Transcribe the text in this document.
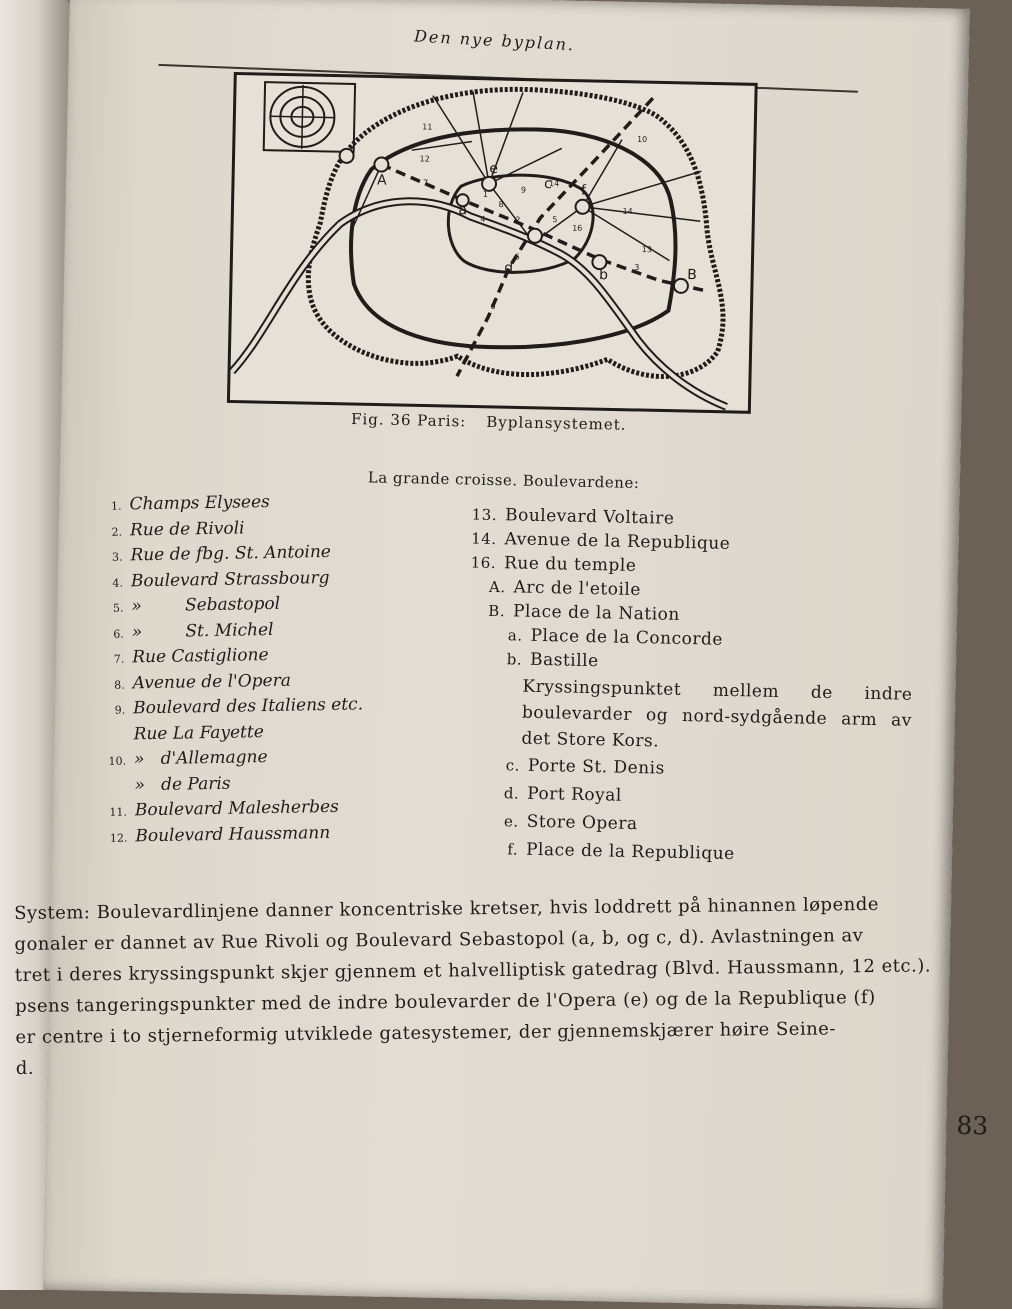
Den nye byplan.
A
B
a
b
c
d
e
f
11
12
10
7
9
8
5
16
14
13
3
6
6
1
2
4
14
Fig. 36 Paris: Byplansystemet.
La grande croisse. Boulevardene:
1. Champs Elysees
2. Rue de Rivoli
3. Rue de fbg. St. Antoine
4. Boulevard Strassbourg
5. »        Sebastopol
6. »        St. Michel
7. Rue Castiglione
8. Avenue de l'Opera
9. Boulevard des Italiens etc.
Rue La Fayette
10. »   d'Allemagne
»   de Paris
11. Boulevard Malesherbes
12. Boulevard Haussmann
13. Boulevard Voltaire
14. Avenue de la Republique
16. Rue du temple
A. Arc de l'etoile
B. Place de la Nation
a. Place de la Concorde
b. Bastille
Kryssingspunktet mellem de indre boulevarder og nord-sydgående arm av det Store Kors.
c. Porte St. Denis
d. Port Royal
e. Store Opera
f. Place de la Republique
83

System: Boulevardlinjene danner koncentriske kretser, hvis loddrett på hinannen løpende

gonaler er dannet av Rue Rivoli og Boulevard Sebastopol (a, b, og c, d). Avlastningen av

tret i deres kryssingspunkt skjer gjennem et halvelliptisk gatedrag (Blvd. Haussmann, 12 etc.).

psens tangeringspunkter med de indre boulevarder de l'Opera (e) og de la Republique (f)

er centre i to stjerneformig utviklede gatesystemer, der gjennemskjærer høire Seine-

d.
